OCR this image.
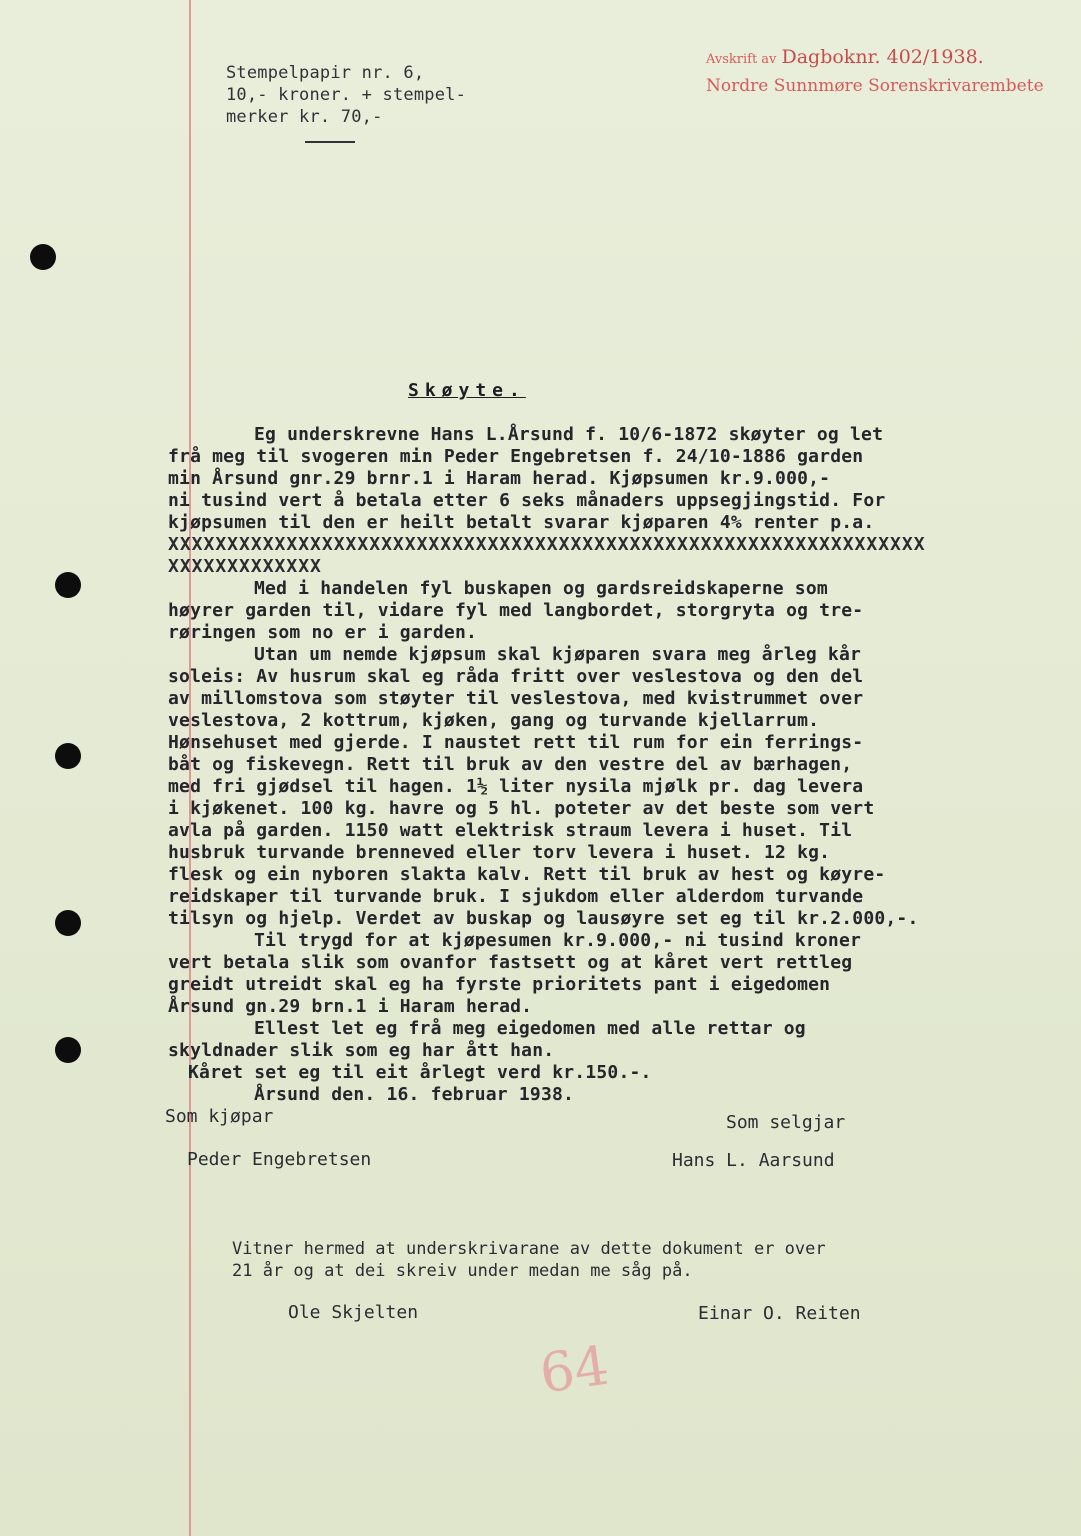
Avskrift av Dagboknr. 402/1938.
Nordre Sunnmøre Sorenskrivarembete
Stempelpapir nr. 6,
10,- kroner. + stempel-
merker kr. 70,-
Skøyte.
Eg underskrevne Hans L.Årsund f. 10/6-1872 skøyter og let
frå meg til svogeren min Peder Engebretsen f. 24/10-1886 garden
min Årsund gnr.29 brnr.1 i Haram herad. Kjøpsumen kr.9.000,-
ni tusind vert å betala etter 6 seks månaders uppsegjingstid. For
kjøpsumen til den er heilt betalt svarar kjøparen 4% renter p.a.
XXXXXXXXXXXXXXXXXXXXXXXXXXXXXXXXXXXXXXXXXXXXXXXXXXXXXXXXXXXXXXXX
XXXXXXXXXXXXX
Med i handelen fyl buskapen og gardsreidskaperne som
høyrer garden til, vidare fyl med langbordet, storgryta og tre-
røringen som no er i garden.
Utan um nemde kjøpsum skal kjøparen svara meg årleg kår
soleis: Av husrum skal eg råda fritt over veslestova og den del
av millomstova som støyter til veslestova, med kvistrummet over
veslestova, 2 kottrum, kjøken, gang og turvande kjellarrum.
Hønsehuset med gjerde. I naustet rett til rum for ein ferrings-
båt og fiskevegn. Rett til bruk av den vestre del av bærhagen,
med fri gjødsel til hagen. 1½ liter nysila mjølk pr. dag levera
i kjøkenet. 100 kg. havre og 5 hl. poteter av det beste som vert
avla på garden. 1150 watt elektrisk straum levera i huset. Til
husbruk turvande brenneved eller torv levera i huset. 12 kg.
flesk og ein nyboren slakta kalv. Rett til bruk av hest og køyre-
reidskaper til turvande bruk. I sjukdom eller alderdom turvande
tilsyn og hjelp. Verdet av buskap og lausøyre set eg til kr.2.000,-.
Til trygd for at kjøpesumen kr.9.000,- ni tusind kroner
vert betala slik som ovanfor fastsett og at kåret vert rettleg
greidt utreidt skal eg ha fyrste prioritets pant i eigedomen
Årsund gn.29 brn.1 i Haram herad.
Ellest let eg frå meg eigedomen med alle rettar og
skyldnader slik som eg har ått han.
Kåret set eg til eit årlegt verd kr.150.-.
Årsund den. 16. februar 1938.
Som kjøpar	Som selgjar
Peder Engebretsen	Hans L. Aarsund
Vitner hermed at underskrivarane av dette dokument er over
21 år og at dei skreiv under medan me såg på.
Ole Skjelten	Einar O. Reiten
64
